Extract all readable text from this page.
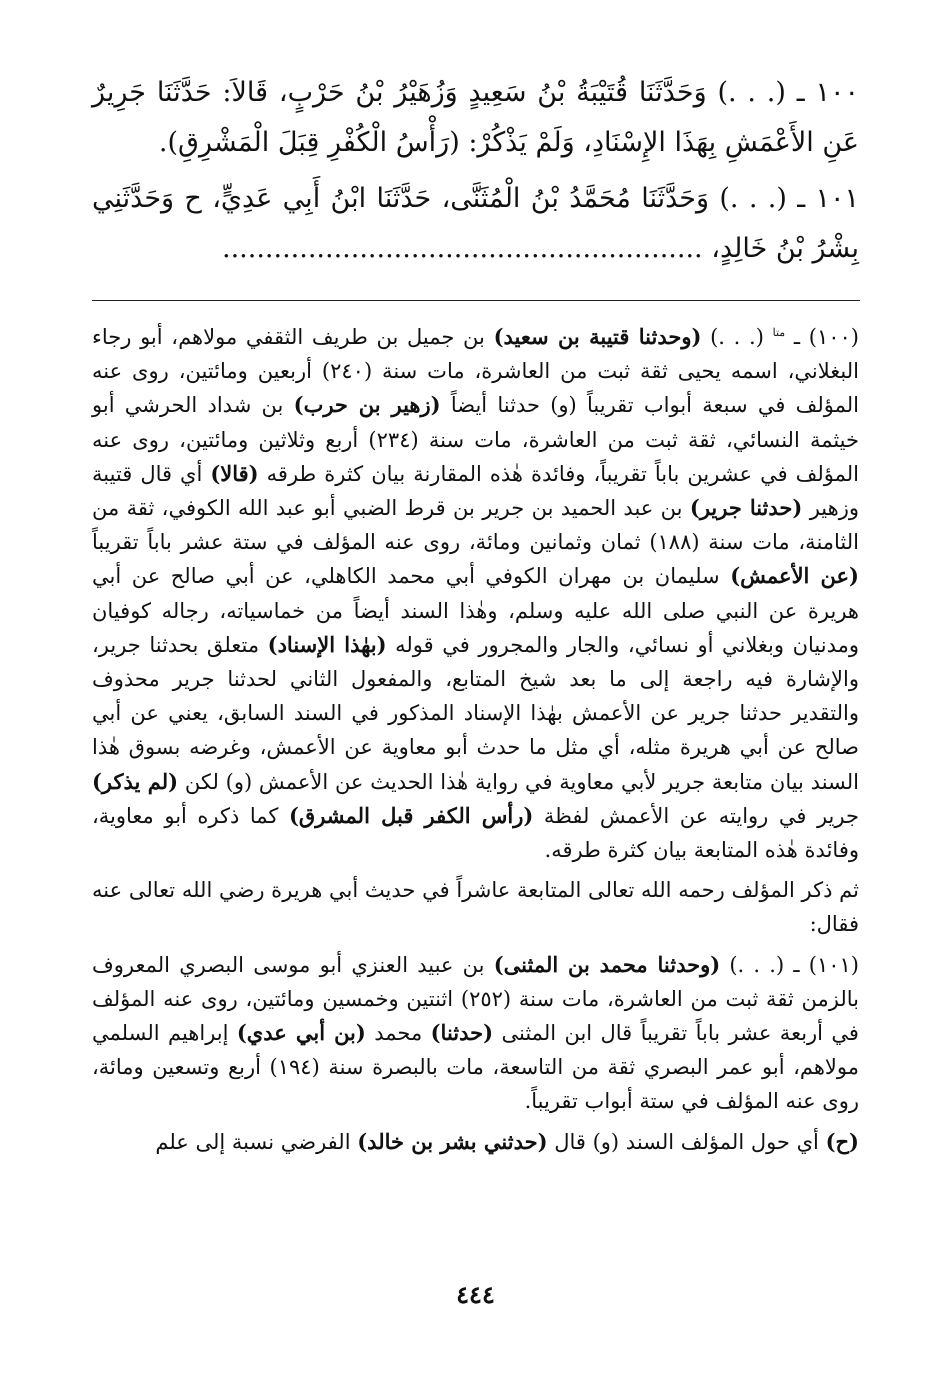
١٠٠ ـ (. . .) وَحَدَّثَنَا قُتَيْبَةُ بْنُ سَعِيدٍ وَزُهَيْرُ بْنُ حَرْبٍ، قَالاَ: حَدَّثَنَا جَرِيرٌ عَنِ الأَعْمَشِ بِهَذَا الإِسْنَادِ، وَلَمْ يَذْكُرْ: (رَأْسُ الْكُفْرِ قِبَلَ الْمَشْرِقِ).

١٠١ ـ (. . .) وَحَدَّثَنَا مُحَمَّدُ بْنُ الْمُثَنَّى، حَدَّثَنَا ابْنُ أَبِي عَدِيٍّ، ح وَحَدَّثَنِي بِشْرُ بْنُ خَالِدٍ، ........................................................

(١٠٠) ـ $^{متا}$ (. . .) (وحدثنا قتيبة بن سعيد) بن جميل بن طريف الثقفي مولاهم، أبو رجاء البغلاني، اسمه يحيى ثقة ثبت من العاشرة، مات سنة (٢٤٠) أربعين ومائتين، روى عنه المؤلف في سبعة أبواب تقريباً (و) حدثنا أيضاً (زهير بن حرب) بن شداد الحرشي أبو خيثمة النسائي، ثقة ثبت من العاشرة، مات سنة (٢٣٤) أربع وثلاثين ومائتين، روى عنه المؤلف في عشرين باباً تقريباً، وفائدة هٰذه المقارنة بيان كثرة طرقه (قالا) أي قال قتيبة وزهير (حدثنا جرير) بن عبد الحميد بن جرير بن قرط الضبي أبو عبد الله الكوفي، ثقة من الثامنة، مات سنة (١٨٨) ثمان وثمانين ومائة، روى عنه المؤلف في ستة عشر باباً تقريباً (عن الأعمش) سليمان بن مهران الكوفي أبي محمد الكاهلي، عن أبي صالح عن أبي هريرة عن النبي صلى الله عليه وسلم، وهٰذا السند أيضاً من خماسياته، رجاله كوفيان ومدنيان وبغلاني أو نسائي، والجار والمجرور في قوله (بهٰذا الإسناد) متعلق بحدثنا جرير، والإشارة فيه راجعة إلى ما بعد شيخ المتابع، والمفعول الثاني لحدثنا جرير محذوف والتقدير حدثنا جرير عن الأعمش بهٰذا الإسناد المذكور في السند السابق، يعني عن أبي صالح عن أبي هريرة مثله، أي مثل ما حدث أبو معاوية عن الأعمش، وغرضه بسوق هٰذا السند بيان متابعة جرير لأبي معاوية في رواية هٰذا الحديث عن الأعمش (و) لكن (لم يذكر) جرير في روايته عن الأعمش لفظة (رأس الكفر قبل المشرق) كما ذكره أبو معاوية، وفائدة هٰذه المتابعة بيان كثرة طرقه.

ثم ذكر المؤلف رحمه الله تعالى المتابعة عاشراً في حديث أبي هريرة رضي الله تعالى عنه فقال:

(١٠١) ـ (. . .) (وحدثنا محمد بن المثنى) بن عبيد العنزي أبو موسى البصري المعروف بالزمن ثقة ثبت من العاشرة، مات سنة (٢٥٢) اثنتين وخمسين ومائتين، روى عنه المؤلف في أربعة عشر باباً تقريباً قال ابن المثنى (حدثنا) محمد (بن أبي عدي) إبراهيم السلمي مولاهم، أبو عمر البصري ثقة من التاسعة، مات بالبصرة سنة (١٩٤) أربع وتسعين ومائة، روى عنه المؤلف في ستة أبواب تقريباً.

(ح) أي حول المؤلف السند (و) قال (حدثني بشر بن خالد) الفرضي نسبة إلى علم

٤٤٤
